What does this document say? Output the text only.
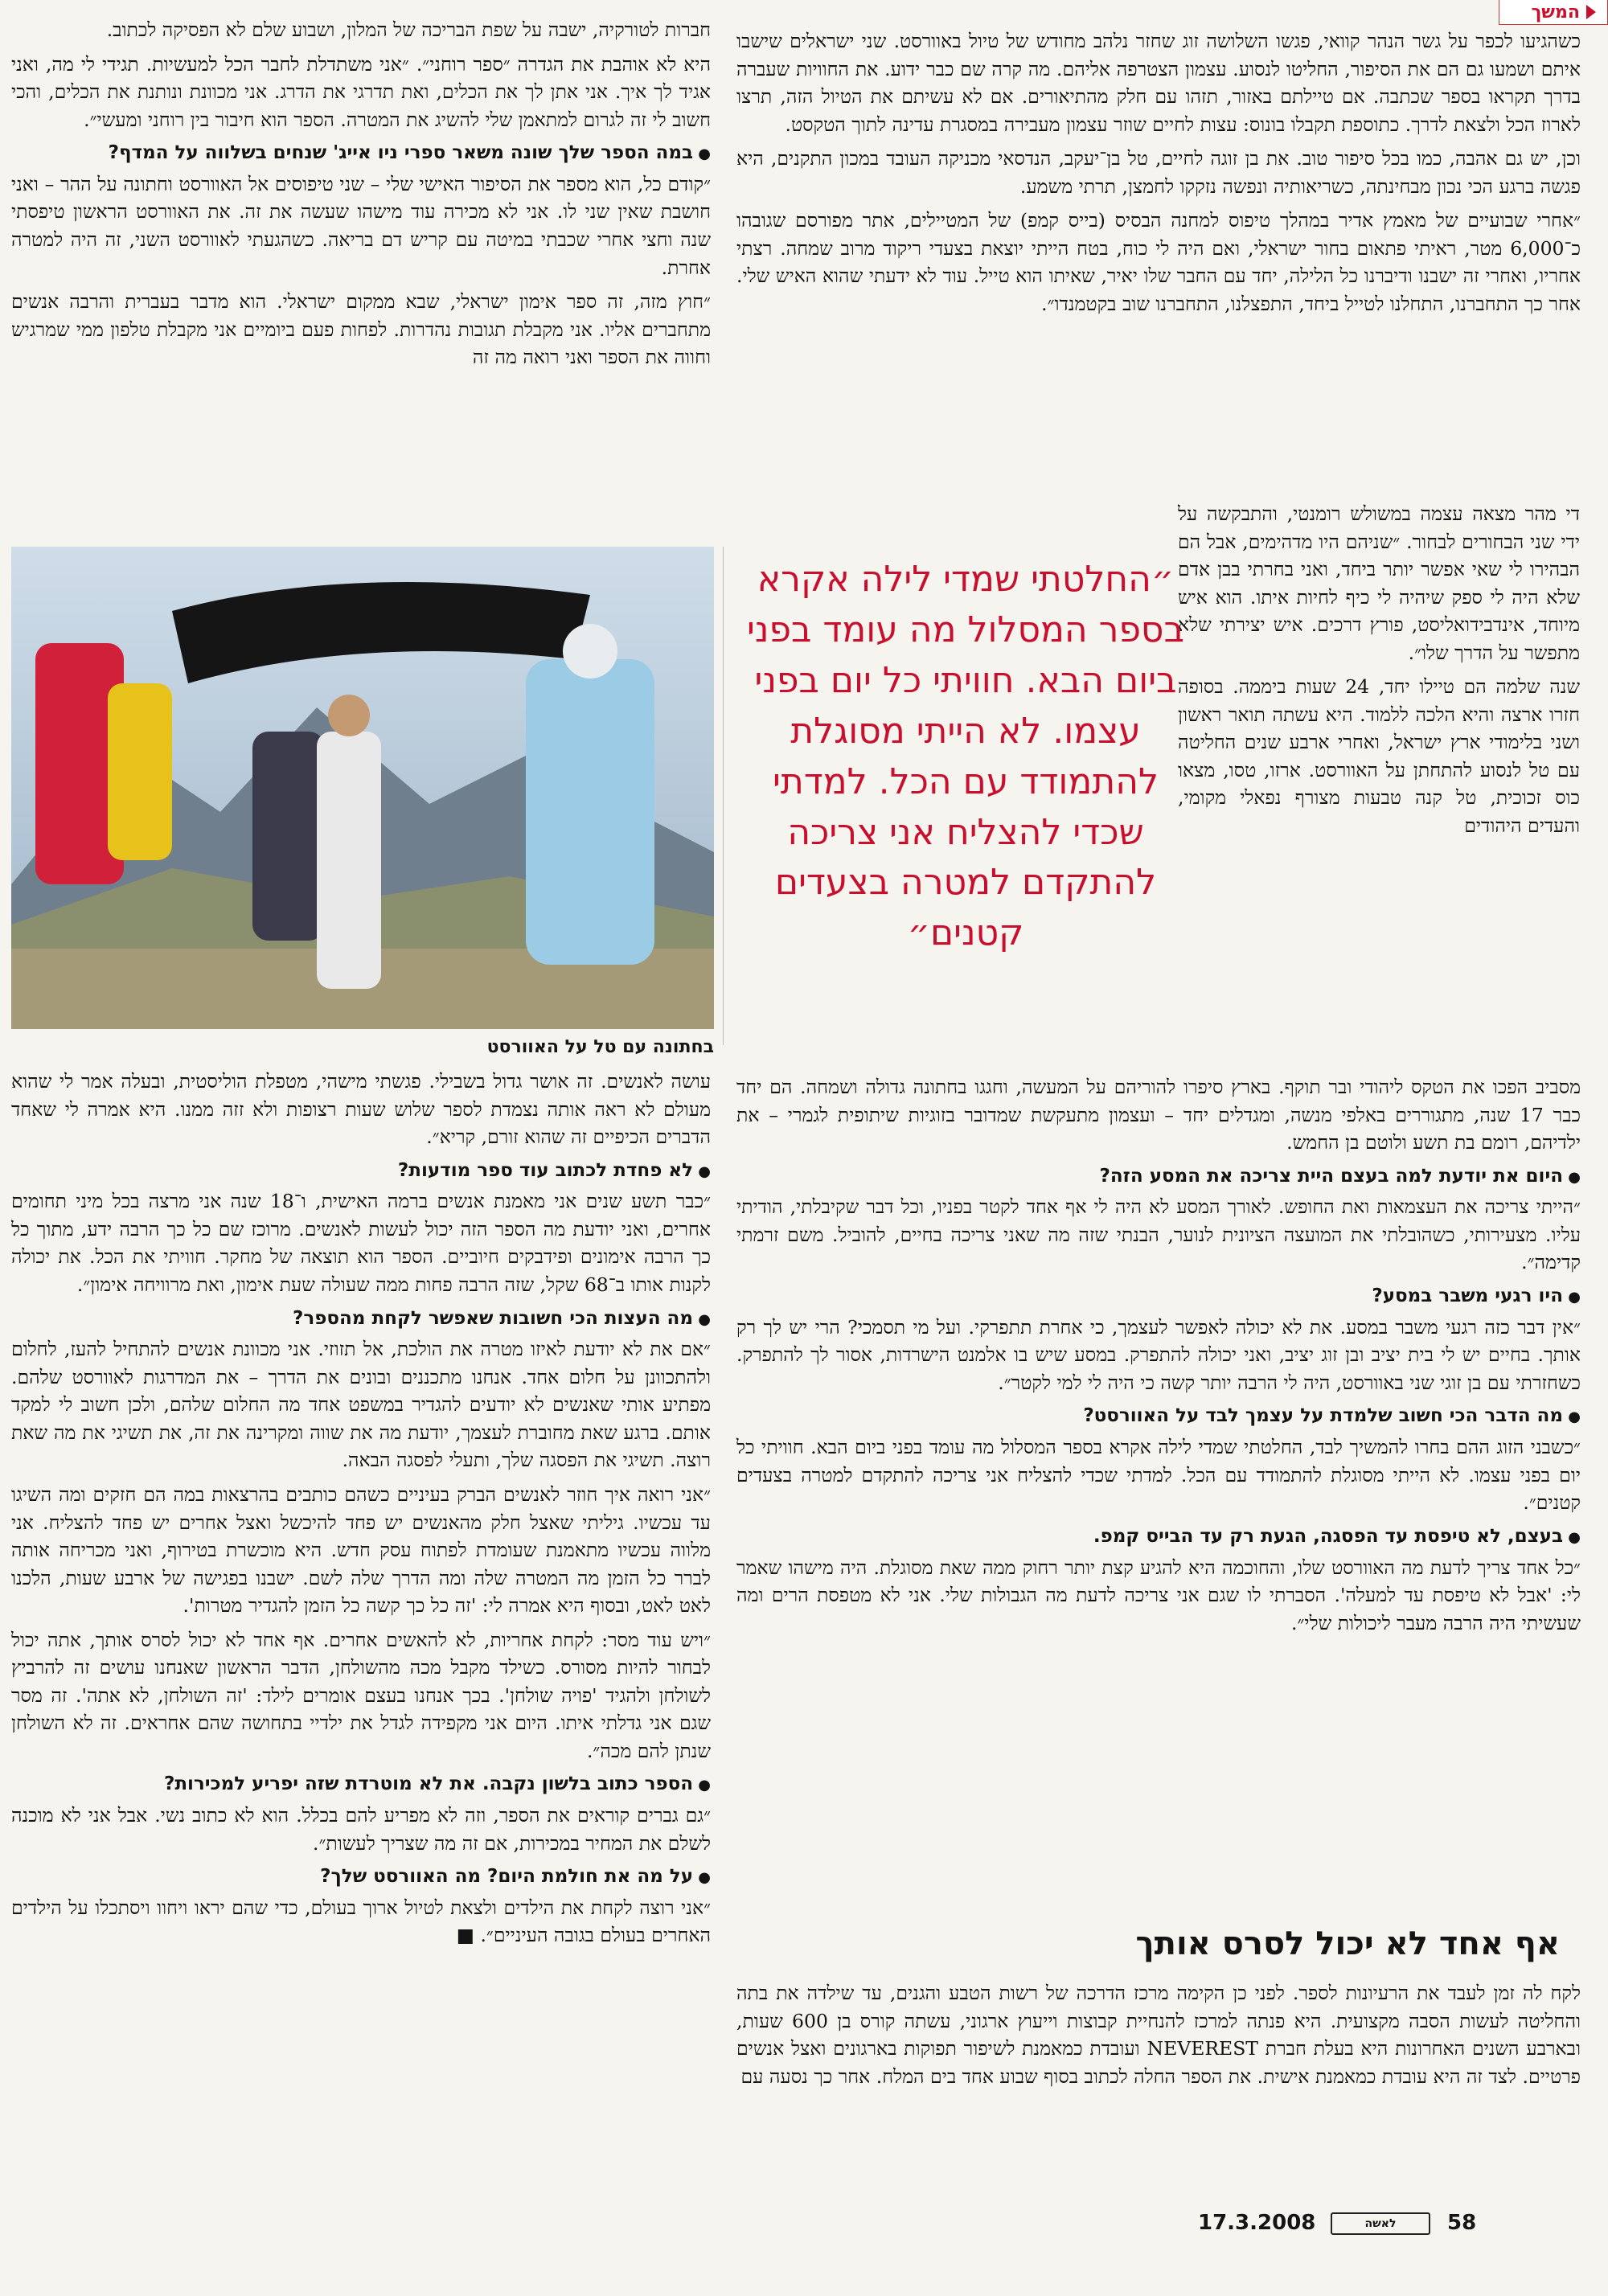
המשך

חברות לטורקיה, ישבה על שפת הבריכה של המלון, ושבוע שלם לא הפסיקה לכתוב.

היא לא אוהבת את הגדרה ״ספר רוחני״. ״אני משתדלת לחבר הכל למעשיות. תגידי לי מה, ואני אגיד לך איך. אני אתן לך את הכלים, ואת תדרגי את הדרג. אני מכוונת ונותנת את הכלים, והכי חשוב לי זה לגרום למתאמן שלי להשיג את המטרה. הספר הוא חיבור בין רוחני ומעשי״.

● במה הספר שלך שונה משאר ספרי ניו אייג' שנחים בשלווה על המדף?

״קודם כל, הוא מספר את הסיפור האישי שלי – שני טיפוסים אל האוורסט וחתונה על ההר – ואני חושבת שאין שני לו. אני לא מכירה עוד מישהו שעשה את זה. את האוורסט הראשון טיפסתי שנה וחצי אחרי שכבתי במיטה עם קריש דם בריאה. כשהגעתי לאוורסט השני, זה היה למטרה אחרת.

״חוץ מזה, זה ספר אימון ישראלי, שבא ממקום ישראלי. הוא מדבר בעברית והרבה אנשים מתחברים אליו. אני מקבלת תגובות נהדרות. לפחות פעם ביומיים אני מקבלת טלפון ממי שמרגיש וחווה את הספר ואני רואה מה זה

כשהגיעו לכפר על גשר הנהר קוואי, פגשו השלושה זוג שחזר נלהב מחודש של טיול באוורסט. שני ישראלים שישבו איתם ושמעו גם הם את הסיפור, החליטו לנסוע. עצמון הצטרפה אליהם. מה קרה שם כבר ידוע. את החוויות שעברה בדרך תקראו בספר שכתבה. אם טיילתם באזור, תזהו עם חלק מהתיאורים. אם לא עשיתם את הטיול הזה, תרצו לארוז הכל ולצאת לדרך. כתוספת תקבלו בונוס: עצות לחיים שוזר עצמון מעבירה במסגרת עדינה לתוך הטקסט.

וכן, יש גם אהבה, כמו בכל סיפור טוב. את בן זוגה לחיים, טל בן־יעקב, הנדסאי מכניקה העובד במכון התקנים, היא פגשה ברגע הכי נכון מבחינתה, כשריאותיה ונפשה נזקקו לחמצן, תרתי משמע.

״אחרי שבועיים של מאמץ אדיר במהלך טיפוס למחנה הבסיס (בייס קמפ) של המטיילים, אתר מפורסם שגובהו כ־6,000 מטר, ראיתי פתאום בחור ישראלי, ואם היה לי כוח, בטח הייתי יוצאת בצעדי ריקוד מרוב שמחה. רצתי אחריו, ואחרי זה ישבנו ודיברנו כל הלילה, יחד עם החבר שלו יאיר, שאיתו הוא טייל. עוד לא ידעתי שהוא האיש שלי. אחר כך התחברנו, התחלנו לטייל ביחד, התפצלנו, התחברנו שוב בקטמנדו״.

די מהר מצאה עצמה במשולש רומנטי, והתבקשה על ידי שני הבחורים לבחור. ״שניהם היו מדהימים, אבל הם הבהירו לי שאי אפשר יותר ביחד, ואני בחרתי בבן אדם שלא היה לי ספק שיהיה לי כיף לחיות איתו. הוא איש מיוחד, אינדבידואליסט, פורץ דרכים. איש יצירתי שלא מתפשר על הדרך שלו״.

שנה שלמה הם טיילו יחד, 24 שעות ביממה. בסופה חזרו ארצה והיא הלכה ללמוד. היא עשתה תואר ראשון ושני בלימודי ארץ ישראל, ואחרי ארבע שנים החליטה עם טל לנסוע להתחתן על האוורסט. ארזו, טסו, מצאו כוס זכוכית, טל קנה טבעות מצורף נפאלי מקומי, והעדים היהודים

״החלטתי שמדי לילה אקרא בספר המסלול מה עומד בפני ביום הבא. חוויתי כל יום בפני עצמו. לא הייתי מסוגלת להתמודד עם הכל. למדתי שכדי להצליח אני צריכה להתקדם למטרה בצעדים קטנים״
בחתונה עם טל על האוורסט

עושה לאנשים. זה אושר גדול בשבילי. פגשתי מישהי, מטפלת הוליסטית, ובעלה אמר לי שהוא מעולם לא ראה אותה נצמדת לספר שלוש שעות רצופות ולא זזה ממנו. היא אמרה לי שאחד הדברים הכיפיים זה שהוא זורם, קריא״.

● לא פחדת לכתוב עוד ספר מודעות?

״כבר תשע שנים אני מאמנת אנשים ברמה האישית, ו־18 שנה אני מרצה בכל מיני תחומים אחרים, ואני יודעת מה הספר הזה יכול לעשות לאנשים. מרוכז שם כל כך הרבה ידע, מתוך כל כך הרבה אימונים ופידבקים חיוביים. הספר הוא תוצאה של מחקר. חוויתי את הכל. את יכולה לקנות אותו ב־68 שקל, שזה הרבה פחות ממה שעולה שעת אימון, ואת מרוויחה אימון״.

● מה העצות הכי חשובות שאפשר לקחת מהספר?

״אם את לא יודעת לאיזו מטרה את הולכת, אל תזוזי. אני מכוונת אנשים להתחיל להעז, לחלום ולהתכוונן על חלום אחד. אנחנו מתכננים ובונים את הדרך – את המדרגות לאוורסט שלהם. מפתיע אותי שאנשים לא יודעים להגדיר במשפט אחד מה החלום שלהם, ולכן חשוב לי למקד אותם. ברגע שאת מחוברת לעצמך, יודעת מה את שווה ומקרינה את זה, את תשיגי את מה שאת רוצה. תשיגי את הפסגה שלך, ותעלי לפסגה הבאה.

״אני רואה איך חוזר לאנשים הברק בעיניים כשהם כותבים בהרצאות במה הם חזקים ומה השיגו עד עכשיו. גיליתי שאצל חלק מהאנשים יש פחד להיכשל ואצל אחרים יש פחד להצליח. אני מלווה עכשיו מתאמנת שעומדת לפתוח עסק חדש. היא מוכשרת בטירוף, ואני מכריחה אותה לברר כל הזמן מה המטרה שלה ומה הדרך שלה לשם. ישבנו בפגישה של ארבע שעות, הלכנו לאט לאט, ובסוף היא אמרה לי: 'זה כל כך קשה כל הזמן להגדיר מטרות'.

״ויש עוד מסר: לקחת אחריות, לא להאשים אחרים. אף אחד לא יכול לסרס אותך, אתה יכול לבחור להיות מסורס. כשילד מקבל מכה מהשולחן, הדבר הראשון שאנחנו עושים זה להרביץ לשולחן ולהגיד 'פויה שולחן'. בכך אנחנו בעצם אומרים לילד: 'זה השולחן, לא אתה'. זה מסר שגם אני גדלתי איתו. היום אני מקפידה לגדל את ילדיי בתחושה שהם אחראים. זה לא השולחן שנתן להם מכה״.

● הספר כתוב בלשון נקבה. את לא מוטרדת שזה יפריע למכירות?

״גם גברים קוראים את הספר, וזה לא מפריע להם בכלל. הוא לא כתוב נשי. אבל אני לא מוכנה לשלם את המחיר במכירות, אם זה מה שצריך לעשות״.

● על מה את חולמת היום? מה האוורסט שלך?

״אני רוצה לקחת את הילדים ולצאת לטיול ארוך בעולם, כדי שהם יראו ויחוו ויסתכלו על הילדים האחרים בעולם בגובה העיניים״. ■

מסביב הפכו את הטקס ליהודי ובר תוקף. בארץ סיפרו להוריהם על המעשה, וחגגו בחתונה גדולה ושמחה. הם יחד כבר 17 שנה, מתגוררים באלפי מנשה, ומגדלים יחד – ועצמון מתעקשת שמדובר בזוגיות שיתופית לגמרי – את ילדיהם, רומם בת תשע ולוטם בן החמש.

● היום את יודעת למה בעצם היית צריכה את המסע הזה?

״הייתי צריכה את העצמאות ואת החופש. לאורך המסע לא היה לי אף אחד לקטר בפניו, וכל דבר שקיבלתי, הודיתי עליו. מצעירותי, כשהובלתי את המועצה הציונית לנוער, הבנתי שזה מה שאני צריכה בחיים, להוביל. משם זרמתי קדימה״.

● היו רגעי משבר במסע?

״אין דבר כזה רגעי משבר במסע. את לא יכולה לאפשר לעצמך, כי אחרת תתפרקי. ועל מי תסמכי? הרי יש לך רק אותך. בחיים יש לי בית יציב ובן זוג יציב, ואני יכולה להתפרק. במסע שיש בו אלמנט הישרדות, אסור לך להתפרק. כשחזרתי עם בן זוגי שני באוורסט, היה לי הרבה יותר קשה כי היה לי למי לקטר״.

● מה הדבר הכי חשוב שלמדת על עצמך לבד על האוורסט?

״כשבני הזוג ההם בחרו להמשיך לבד, החלטתי שמדי לילה אקרא בספר המסלול מה עומד בפני ביום הבא. חוויתי כל יום בפני עצמו. לא הייתי מסוגלת להתמודד עם הכל. למדתי שכדי להצליח אני צריכה להתקדם למטרה בצעדים קטנים״.

● בעצם, לא טיפסת עד הפסגה, הגעת רק עד הבייס קמפ.

״כל אחד צריך לדעת מה האוורסט שלו, והחוכמה היא להגיע קצת יותר רחוק ממה שאת מסוגלת. היה מישהו שאמר לי: 'אבל לא טיפסת עד למעלה'. הסברתי לו שגם אני צריכה לדעת מה הגבולות שלי. אני לא מטפסת הרים ומה שעשיתי היה הרבה מעבר ליכולות שלי״.

אף אחד לא יכול לסרס אותך

לקח לה זמן לעבד את הרעיונות לספר. לפני כן הקימה מרכז הדרכה של רשות הטבע והגנים, עד שילדה את בתה והחליטה לעשות הסבה מקצועית. היא פנתה למרכז להנחיית קבוצות וייעוץ ארגוני, עשתה קורס בן 600 שעות, ובארבע השנים האחרונות היא בעלת חברת NEVEREST ועובדת כמאמנת לשיפור תפוקות בארגונים ואצל אנשים פרטיים. לצד זה היא עובדת כמאמנת אישית. את הספר החלה לכתוב בסוף שבוע אחד בים המלח. אחר כך נסעה עם

17.3.2008	לאשה	58
